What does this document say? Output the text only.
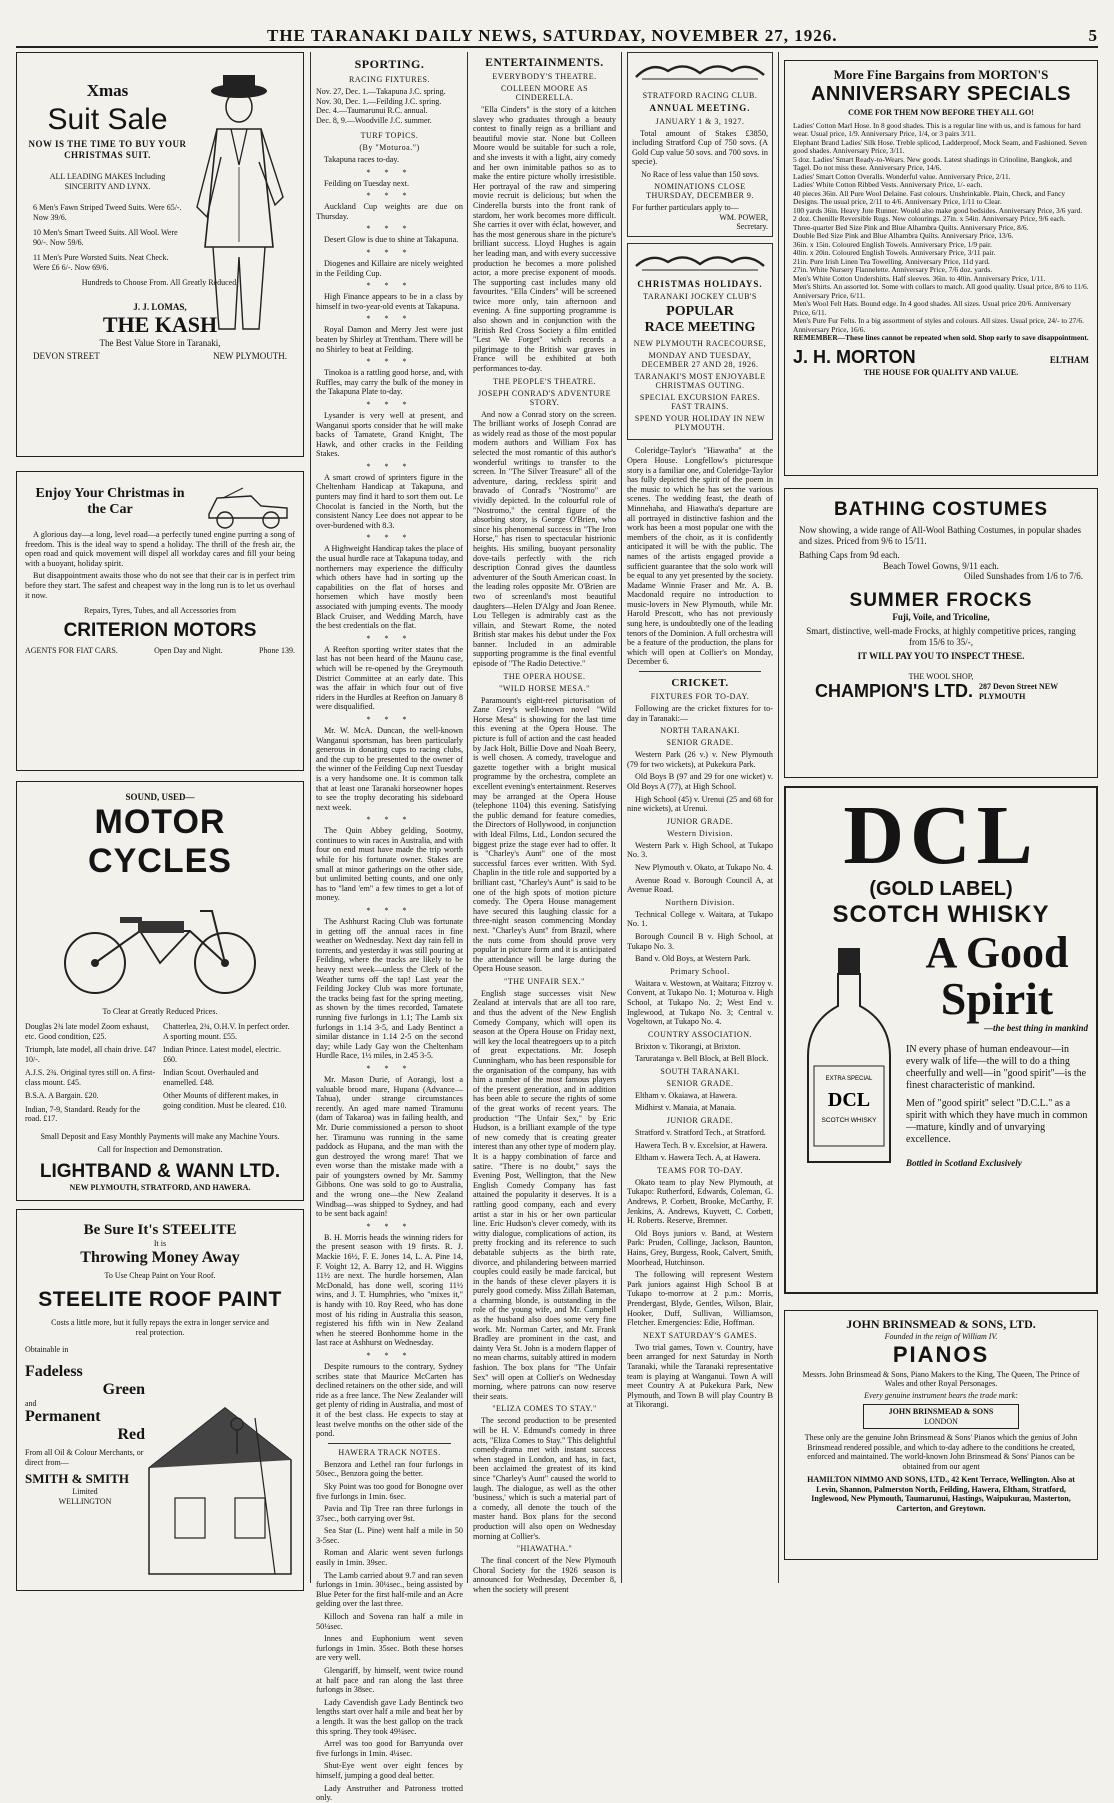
THE TARANAKI DAILY NEWS, SATURDAY, NOVEMBER 27, 1926.	5
Xmas
Suit Sale
NOW IS THE TIME TO BUY YOUR CHRISTMAS SUIT.
ALL LEADING MAKES Including SINCERITY AND LYNX.
6 Men's Fawn Striped Tweed Suits. Were 65/-. Now 39/6.
10 Men's Smart Tweed Suits. All Wool. Were 90/-. Now 59/6.
11 Men's Pure Worsted Suits. Neat Check. Were £6 6/-. Now 69/6.
Hundreds to Choose From. All Greatly Reduced.
J. J. LOMAS,
THE KASH
The Best Value Store in Taranaki,
DEVON STREET	NEW PLYMOUTH.
Enjoy Your Christmas in the Car
A glorious day—a long, level road—a perfectly tuned engine purring a song of freedom. This is the ideal way to spend a holiday. The thrill of the fresh air, the open road and quick movement will dispel all workday cares and fill your being with a buoyant, holiday spirit.
But disappointment awaits those who do not see that their car is in perfect trim before they start. The safest and cheapest way in the long run is to let us overhaul it now.
Repairs, Tyres, Tubes, and all Accessories from
CRITERION MOTORS
AGENTS FOR FIAT CARS.	Open Day and Night.	Phone 139.
SOUND, USED—
MOTOR CYCLES
To Clear at Greatly Reduced Prices.
Douglas 2¾ late model Zoom exhaust, etc. Good condition, £25.
Triumph, late model, all chain drive. £47 10/-.
A.J.S. 2¾. Original tyres still on. A first-class mount. £45.
B.S.A. A Bargain. £20.
Indian, 7-9, Standard. Ready for the road. £17.
Chatterlea, 2¾, O.H.V. In perfect order. A sporting mount. £55.
Indian Prince. Latest model, electric. £60.
Indian Scout. Overhauled and enamelled. £48.
Other Mounts of different makes, in going condition. Must be cleared. £10.
Small Deposit and Easy Monthly Payments will make any Machine Yours.
Call for Inspection and Demonstration.
LIGHTBAND & WANN LTD.
NEW PLYMOUTH, STRATFORD, AND HAWERA.
Be Sure It's STEELITE
It is
Throwing Money Away
To Use Cheap Paint on Your Roof.
STEELITE ROOF PAINT
Costs a little more, but it fully repays the extra in longer service and real protection.
Obtainable in
Fadeless
Green
and
Permanent
Red
From all Oil & Colour Merchants, or direct from—
SMITH & SMITH
Limited
WELLINGTON
SPORTING.
RACING FIXTURES.
Nov. 27, Dec. 1.—Takapuna J.C. spring.
Nov. 30, Dec. 1.—Feilding J.C. spring.
Dec. 4.—Taumarunui R.C. annual.
Dec. 8, 9.—Woodville J.C. summer.
TURF TOPICS.
(By "Moturoa.")
Takapuna races to-day.
* * *
Feilding on Tuesday next.
* * *
Auckland Cup weights are due on Thursday.
* * *
Desert Glow is due to shine at Takapuna.
* * *
Diogenes and Killaire are nicely weighted in the Feilding Cup.
* * *
High Finance appears to be in a class by himself in two-year-old events at Takapuna.
* * *
Royal Damon and Merry Jest were just beaten by Shirley at Trentham. There will be no Shirley to beat at Feilding.
* * *
Tinokoa is a rattling good horse, and, with Ruffles, may carry the bulk of the money in the Takapuna Plate to-day.
* * *
Lysander is very well at present, and Wanganui sports consider that he will make backs of Tamatete, Grand Knight, The Hawk, and other cracks in the Feilding Stakes.
* * *
A smart crowd of sprinters figure in the Cheltenham Handicap at Takapuna, and punters may find it hard to sort them out. Le Chocolat is fancied in the North, but the consistent Nancy Lee does not appear to be over-burdened with 8.3.
* * *
A Highweight Handicap takes the place of the usual hurdle race at Takapuna today, and northerners may experience the difficulty which others have had in sorting up the capabilities on the flat of horses and horsemen which have mostly been associated with jumping events. The moody Black Cruiser, and Wedding March, have the best credentials on the flat.
* * *
A Reefton sporting writer states that the last has not been heard of the Maunu case, which will be re-opened by the Greymouth District Committee at an early date. This was the affair in which four out of five riders in the Hurdles at Reefton on January 8 were disqualified.
* * *
Mr. W. McA. Duncan, the well-known Wanganui sportsman, has been particularly generous in donating cups to racing clubs, and the cup to be presented to the owner of the winner of the Feilding Cup next Tuesday is a very handsome one. It is common talk that at least one Taranaki horseowner hopes to see the trophy decorating his sideboard next week.
* * *
The Quin Abbey gelding, Sootmy, continues to win races in Australia, and with four on end must have made the trip worth while for his fortunate owner. Stakes are small at minor gatherings on the other side, but unlimited betting counts, and one only has to "land 'em" a few times to get a lot of money.
* * *
The Ashhurst Racing Club was fortunate in getting off the annual races in fine weather on Wednesday. Next day rain fell in torrents, and yesterday it was still pouring at Feilding, where the tracks are likely to be heavy next week—unless the Clerk of the Weather turns off the tap! Last year the Feilding Jockey Club was more fortunate, the tracks being fast for the spring meeting, as shown by the times recorded, Tamatete running five furlongs in 1.1; The Lamb six furlongs in 1.14 3-5, and Lady Bentinct a similar distance in 1.14 2-5 on the second day; while Lady Gay won the Cheltenham Hurdle Race, 1½ miles, in 2.45 3-5.
* * *
Mr. Mason Durie, of Aorangi, lost a valuable brood mare, Hupana (Advance—Tahua), under strange circumstances recently. An aged mare named Tiramunu (dam of Takaroa) was in failing health, and Mr. Durie commissioned a person to shoot her. Tiramunu was running in the same paddock as Hupana, and the man with the gun destroyed the wrong mare! That we even worse than the mistake made with a pair of youngsters owned by Mr. Sammy Gibbons. One was sold to go to Australia, and the wrong one—the New Zealand Windbag—was shipped to Sydney, and had to be sent back again!
* * *
B. H. Morris heads the winning riders for the present season with 19 firsts. R. J. Mackie 16½, F. E. Jones 14, L. A. Pine 14, F. Voight 12, A. Barry 12, and H. Wiggins 11½ are next. The hurdle horsemen, Alan McDonald, has done well, scoring 11½ wins, and J. T. Humphries, who "mixes it," is handy with 10. Roy Reed, who has done most of his riding in Australia this season, registered his fifth win in New Zealand when he steered Bonhomme home in the last race at Ashhurst on Wednesday.
* * *
Despite rumours to the contrary, Sydney scribes state that Maurice McCarten has declined retainers on the other side, and will ride as a free lance. The New Zealander will get plenty of riding in Australia, and most of it of the best class. He expects to stay at least twelve months on the other side of the pond.
HAWERA TRACK NOTES.
Benzora and Lethel ran four furlongs in 50sec., Benzora going the better.
Sky Point was too good for Bonogne over five furlongs in 1min. 6sec.
Pavia and Tip Tree ran three furlongs in 37sec., both carrying over 9st.
Sea Star (L. Pine) went half a mile in 50 3-5sec.
Roman and Alaric went seven furlongs easily in 1min. 39sec.
The Lamb carried about 9.7 and ran seven furlongs in 1min. 30¼sec., being assisted by Blue Peter for the first half-mile and an Acre gelding over the last three.
Killoch and Sovena ran half a mile in 50¼sec.
Innes and Euphonium went seven furlongs in 1min. 35sec. Both these horses are very well.
Glengariff, by himself, went twice round at half pace and ran along the last three furlongs in 38sec.
Lady Cavendish gave Lady Bentinck two lengths start over half a mile and beat her by a length. It was the best gallop on the track this spring. They took 49¼sec.
Arrel was too good for Barryunda over five furlongs in 1min. 4¼sec.
Shut-Eye went over eight fences by himself, jumping a good deal better.
Lady Anstruther and Patroness trotted only.
ENTERTAINMENTS.
EVERYBODY'S THEATRE.
COLLEEN MOORE AS CINDERELLA.
"Ella Cinders" is the story of a kitchen slavey who graduates through a beauty contest to finally reign as a brilliant and beautiful movie star. None but Colleen Moore would be suitable for such a role, and she invests it with a light, airy comedy and her own inimitable pathos so as to make the entire picture wholly irresistible. Her portrayal of the raw and simpering movie recruit is delicious; but when the Cinderella bursts into the front rank of stardom, her work becomes more difficult. She carries it over with éclat, however, and has the most generous share in the picture's brilliant success. Lloyd Hughes is again her leading man, and with every successive production he becomes a more polished actor, a more precise exponent of moods. The supporting cast includes many old favourites. "Ella Cinders" will be screened twice more only, tain afternoon and evening. A fine supporting programme is also shown and in conjunction with the British Red Cross Society a film entitled "Lest We Forget" which records a pilgrimage to the British war graves in France will be exhibited at both performances to-day.
THE PEOPLE'S THEATRE.
JOSEPH CONRAD'S ADVENTURE STORY.
And now a Conrad story on the screen. The brilliant works of Joseph Conrad are as widely read as those of the most popular modern authors and William Fox has selected the most romantic of this author's wonderful writings to transfer to the screen. In "The Silver Treasure" all of the adventure, daring, reckless spirit and bravado of Conrad's "Nostromo" are vividly depicted. In the colourful role of "Nostromo," the central figure of the absorbing story, is George O'Brien, who since his phenomenal success in "The Iron Horse," has risen to spectacular histrionic heights. His smiling, buoyant personality dove-tails perfectly with the rich description Conrad gives the dauntless adventurer of the South American coast. In the leading roles opposite Mr. O'Brien are two of screenland's most beautiful daughters—Helen D'Algy and Joan Renee. Lou Tellegen is admirably cast as the villain, and Stewart Rome, the noted British star makes his debut under the Fox banner. Included in an admirable supporting programme is the final eventful episode of "The Radio Detective."
THE OPERA HOUSE.
"WILD HORSE MESA."
Paramount's eight-reel picturisation of Zane Grey's well-known novel "Wild Horse Mesa" is showing for the last time this evening at the Opera House. The picture is full of action and the cast headed by Jack Holt, Billie Dove and Noah Beery, is well chosen. A comedy, travelogue and gazette together with a bright musical programme by the orchestra, complete an excellent evening's entertainment. Reserves may be arranged at the Opera House (telephone 1104) this evening. Satisfying the public demand for feature comedies, the Directors of Hollywood, in conjunction with Ideal Films, Ltd., London secured the biggest prize the stage ever had to offer. It is "Charley's Aunt" one of the most successful farces ever written. With Syd. Chaplin in the title role and supported by a brilliant cast, "Charley's Aunt" is said to be one of the high spots of motion picture comedy. The Opera House management have secured this laughing classic for a three-night season commencing Monday next. "Charley's Aunt" from Brazil, where the nuts come from should prove very popular in picture form and it is anticipated the attendance will be large during the Opera House season.
"THE UNFAIR SEX."
English stage successes visit New Zealand at intervals that are all too rare, and thus the advent of the New English Comedy Company, which will open its season at the Opera House on Friday next, will key the local theatregoers up to a pitch of great expectations. Mr. Joseph Cunningham, who has been responsible for the organisation of the company, has with him a number of the most famous players of the present generation, and in addition has been able to secure the rights of some of the great works of recent years. The production "The Unfair Sex," by Eric Hudson, is a brilliant example of the type of new comedy that is creating greater interest than any other type of modern play. It is a happy combination of farce and satire. "There is no doubt," says the Evening Post, Wellington, that the New English Comedy Company has fast attained the popularity it deserves. It is a rattling good company, each and every artist a star in his or her own particular line. Eric Hudson's clever comedy, with its witty dialogue, complications of action, its pretty frocking and its reference to such debatable subjects as the birth rate, divorce, and philandering between married couples could easily be made farcical, but in the hands of these clever players it is purely good comedy. Miss Zillah Bateman, a charming blonde, is outstanding in the role of the young wife, and Mr. Campbell as the husband also does some very fine work. Mr. Norman Carter, and Mr. Frank Bradley are prominent in the cast, and dainty Vera St. John is a modern flapper of no mean charms, suitably attired in modern fashion. The box plans for "The Unfair Sex" will open at Collier's on Wednesday morning, where patrons can now reserve their seats.
"ELIZA COMES TO STAY."
The second production to be presented will be H. V. Edmund's comedy in three acts, "Eliza Comes to Stay." This delightful comedy-drama met with instant success when staged in London, and has, in fact, been acclaimed the greatest of its kind since "Charley's Aunt" caused the world to laugh. The dialogue, as well as the other 'business,' which is such a material part of a comedy, all denote the touch of the master hand. Box plans for the second production will also open on Wednesday morning at Collier's.
"HIAWATHA."
The final concert of the New Plymouth Choral Society for the 1926 season is announced for Wednesday, December 8, when the society will present
STRATFORD RACING CLUB.
ANNUAL MEETING.
JANUARY 1 & 3, 1927.
Total amount of Stakes £3850, including Stratford Cup of 750 sovs. (A Gold Cup value 50 sovs. and 700 sovs. in specie).
No Race of less value than 150 sovs.
NOMINATIONS CLOSE THURSDAY, DECEMBER 9.
For further particulars apply to—
WM. POWER,
Secretary.
CHRISTMAS HOLIDAYS.
TARANAKI JOCKEY CLUB'S
POPULAR
RACE MEETING
NEW PLYMOUTH RACECOURSE,
MONDAY AND TUESDAY, DECEMBER 27 AND 28, 1926.
TARANAKI'S MOST ENJOYABLE CHRISTMAS OUTING.
SPECIAL EXCURSION FARES. FAST TRAINS.
SPEND YOUR HOLIDAY IN NEW PLYMOUTH.
Coleridge-Taylor's "Hiawatha" at the Opera House. Longfellow's picturesque story is a familiar one, and Coleridge-Taylor has fully depicted the spirit of the poem in the music to which he has set the various scenes. The wedding feast, the death of Minnehaha, and Hiawatha's departure are all portrayed in distinctive fashion and the work has been a most popular one with the members of the choir, as it is confidently anticipated it will be with the public. The names of the artists engaged provide a sufficient guarantee that the solo work will be equal to any yet presented by the society. Madame Winnie Fraser and Mr. A. B. Macdonald require no introduction to music-lovers in New Plymouth, while Mr. Harold Prescott, who has not previously sung here, is undoubtedly one of the leading tenors of the Dominion. A full orchestra will be a feature of the production, the plans for which will open at Collier's on Monday, December 6.
CRICKET.
FIXTURES FOR TO-DAY.
Following are the cricket fixtures for to-day in Taranaki:—
NORTH TARANAKI.
SENIOR GRADE.
Western Park (26 v.) v. New Plymouth (79 for two wickets), at Pukekura Park.
Old Boys B (97 and 29 for one wicket) v. Old Boys A (77), at High School.
High School (45) v. Urenui (25 and 68 for nine wickets), at Urenui.
JUNIOR GRADE.
Western Division.
Western Park v. High School, at Tukapo No. 3.
New Plymouth v. Okato, at Tukapo No. 4.
Avenue Road v. Borough Council A, at Avenue Road.
Northern Division.
Technical College v. Waitara, at Tukapo No. 1.
Borough Council B v. High School, at Tukapo No. 3.
Band v. Old Boys, at Western Park.
Primary School.
Waitara v. Westown, at Waitara; Fitzroy v. Convent, at Tukapo No. 1; Moturoa v. High School, at Tukapo No. 2; West End v. Inglewood, at Tukapo No. 3; Central v. Vogeltown, at Tukapo No. 4.
COUNTRY ASSOCIATION.
Brixton v. Tikorangi, at Brixton.
Taruratanga v. Bell Block, at Bell Block.
SOUTH TARANAKI.
SENIOR GRADE.
Eltham v. Okaiawa, at Hawera.
Midhirst v. Manaia, at Manaia.
JUNIOR GRADE.
Stratford v. Stratford Tech., at Stratford.
Hawera Tech. B v. Excelsior, at Hawera.
Eltham v. Hawera Tech. A, at Hawera.
TEAMS FOR TO-DAY.
Okato team to play New Plymouth, at Tukapo: Rutherford, Edwards, Coleman, G. Andrews, P. Corbett, Brooke, McCarthy, F. Jenkins, A. Andrews, Kuyvett, C. Corbett, H. Roberts. Reserve, Bremner.
Old Boys juniors v. Band, at Western Park: Pruden, Collinge, Jackson, Baunton, Hains, Grey, Burgess, Rook, Calvert, Smith, Moorhead, Hutchinson.
The following will represent Western Park juniors against High School B at Tukapo to-morrow at 2 p.m.: Morris, Prendergast, Blyde, Gentles, Wilson, Blair, Hooker, Duff, Sullivan, Williamson, Fletcher. Emergencies: Edie, Hoffman.
NEXT SATURDAY'S GAMES.
Two trial games, Town v. Country, have been arranged for next Saturday in North Taranaki, while the Taranaki representative team is playing at Wanganui. Town A will meet Country A at Pukekura Park, New Plymouth, and Town B will play Country B at Tikorangi.
More Fine Bargains from MORTON'S
ANNIVERSARY SPECIALS
COME FOR THEM NOW BEFORE THEY ALL GO!
Ladies' Cotton Marl Hose. In 8 good shades. This is a regular line with us, and is famous for hard wear. Usual price, 1/9. Anniversary Price, 1/4, or 3 pairs 3/11.
Elephant Brand Ladies' Silk Hose. Treble splicod, Ladderproof, Mock Seam, and Fashioned. Seven good shades. Anniversary Price, 3/11.
5 doz. Ladies' Smart Ready-to-Wears. New goods. Latest shadings in Crinoline, Bangkok, and Tagel. Do not miss these. Anniversary Price, 14/6.
Ladies' Smart Cotton Overalls. Wonderful value. Anniversary Price, 2/11.
Ladies' White Cotton Ribbed Vests. Anniversary Price, 1/- each.
40 pieces 36in. All Pure Wool Delaine. Fast colours. Unshrinkable. Plain, Check, and Fancy Designs. The usual price, 2/11 to 4/6. Anniversary Price, 1/11 to Clear.
100 yards 36in. Heavy Jute Runner. Would also make good bedsides. Anniversary Price, 3/6 yard.
2 doz. Chenille Reversible Rugs. New colourings. 27in. x 54in. Anniversary Price, 9/6 each.
Three-quarter Bed Size Pink and Blue Alhambra Quilts. Anniversary Price, 8/6.
Double Bed Size Pink and Blue Alhambra Quilts. Anniversary Price, 13/6.
36in. x 15in. Coloured English Towels. Anniversary Price, 1/9 pair.
40in. x 20in. Coloured English Towels. Anniversary Price, 3/11 pair.
21in. Pure Irish Linen Tea Towelling. Anniversary Price, 11d yard.
27in. White Nursery Flannelette. Anniversary Price, 7/6 doz. yards.
Men's White Cotton Undershirts. Half sleeves. 36in. to 40in. Anniversary Price, 1/11.
Men's Shirts. An assorted lot. Some with collars to match. All good quality. Usual price, 8/6 to 11/6. Anniversary Price, 6/11.
Men's Wool Felt Hats. Bound edge. In 4 good shades. All sizes. Usual price 20/6. Anniversary Price, 6/11.
Men's Pure Fur Felts. In a big assortment of styles and colours. All sizes. Usual price, 24/- to 27/6. Anniversary Price, 16/6.
REMEMBER—These lines cannot be repeated when sold. Shop early to save disappointment.
J. H. MORTON	ELTHAM
THE HOUSE FOR QUALITY AND VALUE.
BATHING COSTUMES
Now showing, a wide range of All-Wool Bathing Costumes, in popular shades and sizes. Priced from 9/6 to 15/11.
Bathing Caps from 9d each.
Beach Towel Gowns, 9/11 each.
Oiled Sunshades from 1/6 to 7/6.
SUMMER FROCKS
Fuji, Voile, and Tricoline,
Smart, distinctive, well-made Frocks, at highly competitive prices, ranging from 15/6 to 35/-,
IT WILL PAY YOU TO INSPECT THESE.
THE WOOL SHOP,
CHAMPION'S LTD. 287 Devon Street NEW PLYMOUTH
DCL
(GOLD LABEL)
SCOTCH WHISKY
EXTRA SPECIAL
DCL
SCOTCH WHISKY
A Good
Spirit
—the best thing in mankind
IN every phase of human endeavour—in every walk of life—the will to do a thing cheerfully and well—in "good spirit"—is the finest characteristic of mankind.
Men of "good spirit" select "D.C.L." as a spirit with which they have much in common—mature, kindly and of unvarying excellence.
Bottled in Scotland Exclusively
JOHN BRINSMEAD & SONS, LTD.
Founded in the reign of William IV.
PIANOS
Messrs. John Brinsmead & Sons, Piano Makers to the King, The Queen, The Prince of Wales and other Royal Personages.
Every genuine instrument bears the trade mark:
JOHN BRINSMEAD & SONS
LONDON
These only are the genuine John Brinsmead & Sons' Pianos which the genius of John Brinsmead rendered possible, and which to-day adhere to the conditions he created, enforced and maintained. The world-known John Brinsmead & Sons' Pianos can be obtained from our agent
HAMILTON NIMMO AND SONS, LTD., 42 Kent Terrace, Wellington. Also at Levin, Shannon, Palmerston North, Feilding, Hawera, Eltham, Stratford, Inglewood, New Plymouth, Taumarunui, Hastings, Waipukurau, Masterton, Carterton, and Greytown.
